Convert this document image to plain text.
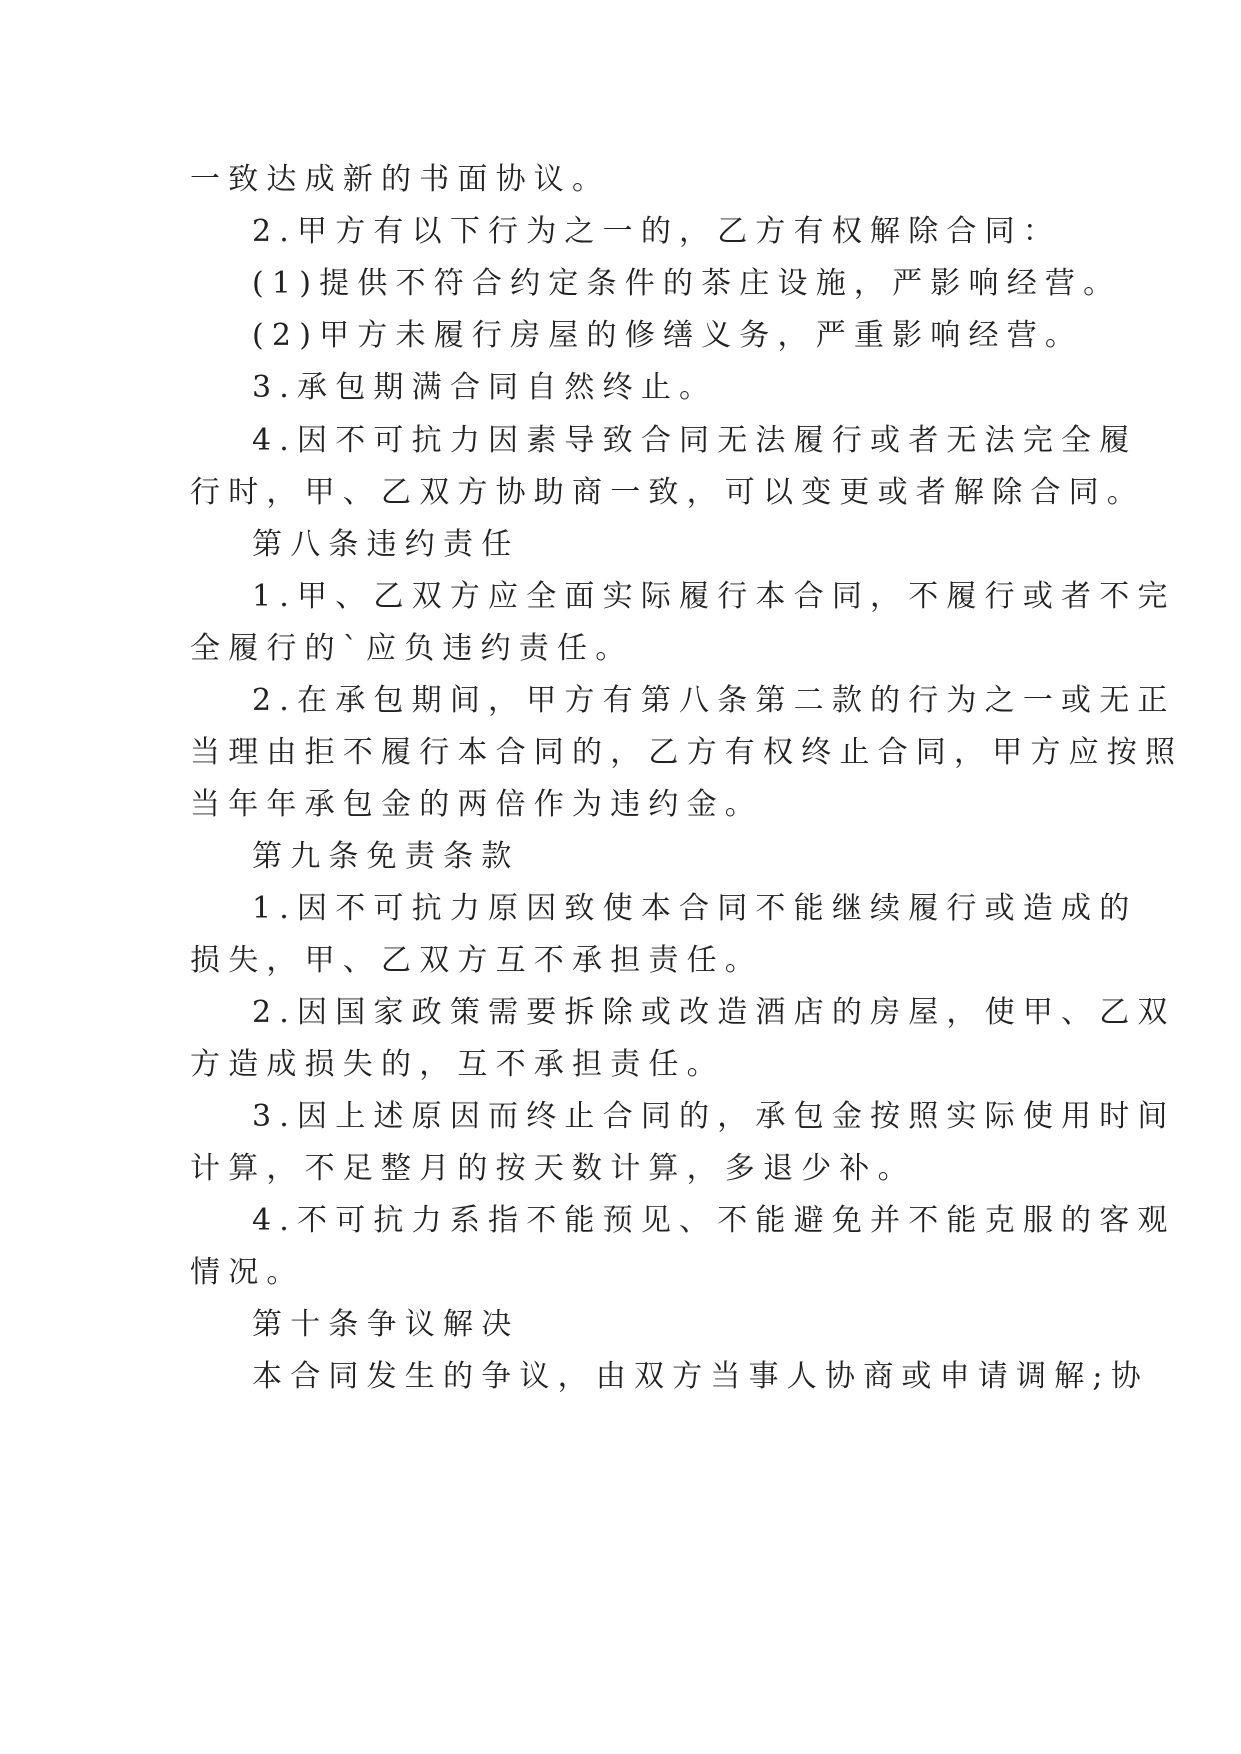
一致达成新的书面协议。
2.甲方有以下行为之一的，乙方有权解除合同：
(1)提供不符合约定条件的茶庄设施，严影响经营。
(2)甲方未履行房屋的修缮义务，严重影响经营。
3.承包期满合同自然终止。
4.因不可抗力因素导致合同无法履行或者无法完全履
行时，甲、乙双方协助商一致，可以变更或者解除合同。
第八条违约责任
1.甲、乙双方应全面实际履行本合同，不履行或者不完
全履行的`应负违约责任。
2.在承包期间，甲方有第八条第二款的行为之一或无正
当理由拒不履行本合同的，乙方有权终止合同，甲方应按照
当年年承包金的两倍作为违约金。
第九条免责条款
1.因不可抗力原因致使本合同不能继续履行或造成的
损失，甲、乙双方互不承担责任。
2.因国家政策需要拆除或改造酒店的房屋，使甲、乙双
方造成损失的，互不承担责任。
3.因上述原因而终止合同的，承包金按照实际使用时间
计算，不足整月的按天数计算，多退少补。
4.不可抗力系指不能预见、不能避免并不能克服的客观
情况。
第十条争议解决
本合同发生的争议，由双方当事人协商或申请调解;协
